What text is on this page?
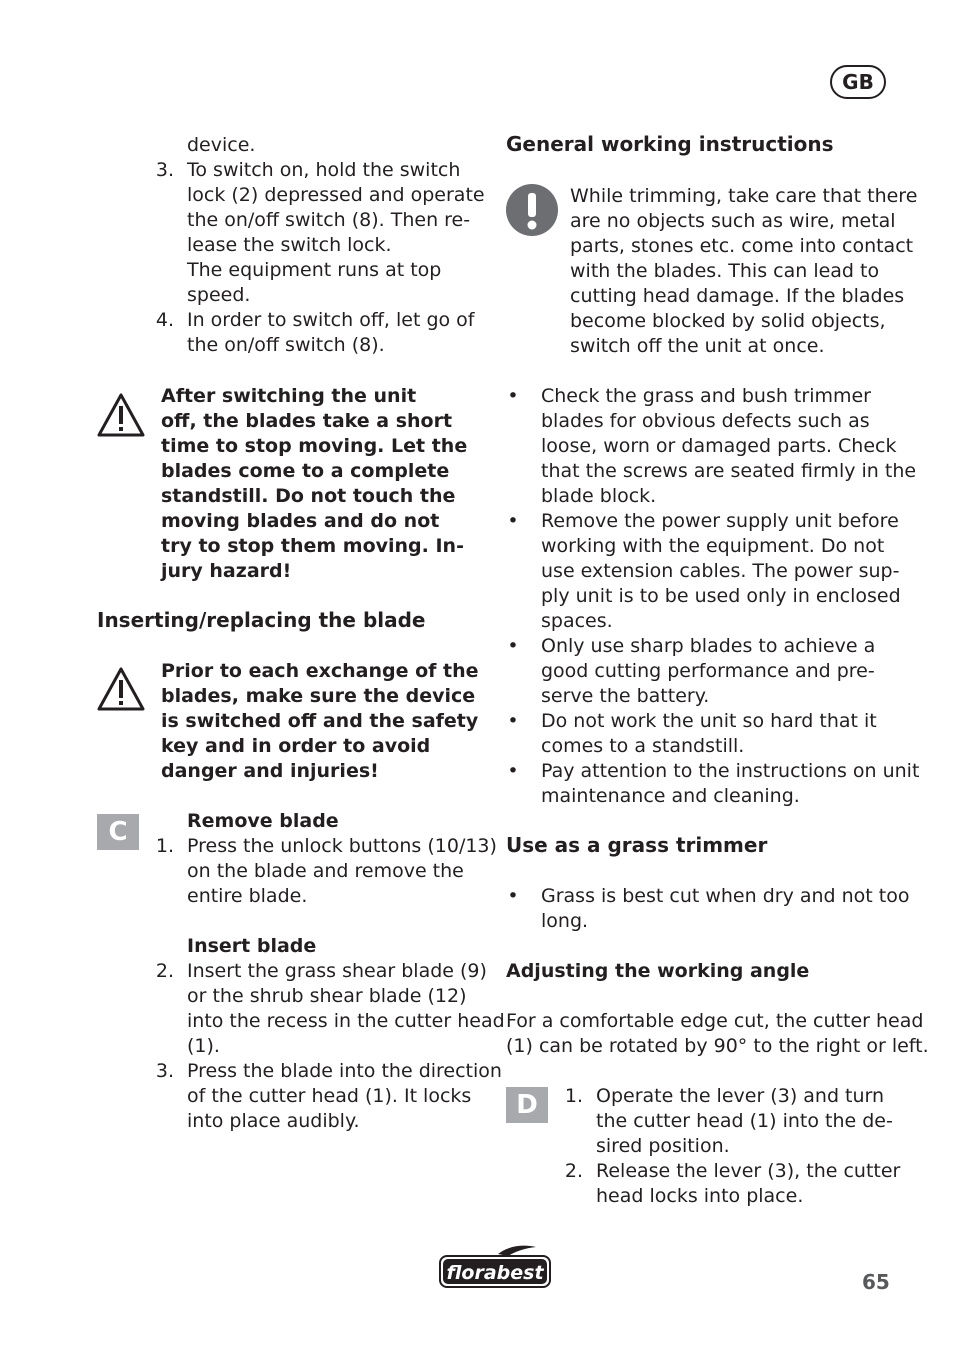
GB
device.
3. To switch on, hold the switch
lock (2) depressed and operate
the on/off switch (8). Then re-
lease the switch lock.
The equipment runs at top
speed.
4. In order to switch off, let go of
the on/off switch (8).
After switching the unit
off, the blades take a short
time to stop moving. Let the
blades come to a complete
standstill. Do not touch the
moving blades and do not
try to stop them moving. In-
jury hazard!
Inserting/replacing the blade
Prior to each exchange of the
blades, make sure the device
is switched off and the safety
key and in order to avoid
danger and injuries!
C	Remove blade
1. Press the unlock buttons (10/13)
on the blade and remove the
entire blade.
Insert blade
2. Insert the grass shear blade (9)
or the shrub shear blade (12)
into the recess in the cutter head
(1).
3. Press the blade into the direction
of the cutter head (1). It locks
into place audibly.
General working instructions
While trimming, take care that there
are no objects such as wire, metal
parts, stones etc. come into contact
with the blades. This can lead to
cutting head damage. If the blades
become blocked by solid objects,
switch off the unit at once.
• Check the grass and bush trimmer
blades for obvious defects such as
loose, worn or damaged parts. Check
that the screws are seated firmly in the
blade block.
• Remove the power supply unit before
working with the equipment. Do not
use extension cables. The power sup-
ply unit is to be used only in enclosed
spaces.
• Only use sharp blades to achieve a
good cutting performance and pre-
serve the battery.
• Do not work the unit so hard that it
comes to a standstill.
• Pay attention to the instructions on unit
maintenance and cleaning.
Use as a grass trimmer
• Grass is best cut when dry and not too
long.
Adjusting the working angle
For a comfortable edge cut, the cutter head
(1) can be rotated by 90° to the right or left.
D	1. Operate the lever (3) and turn
the cutter head (1) into the de-
sired position.
2. Release the lever (3), the cutter
head locks into place.
florabest	65
